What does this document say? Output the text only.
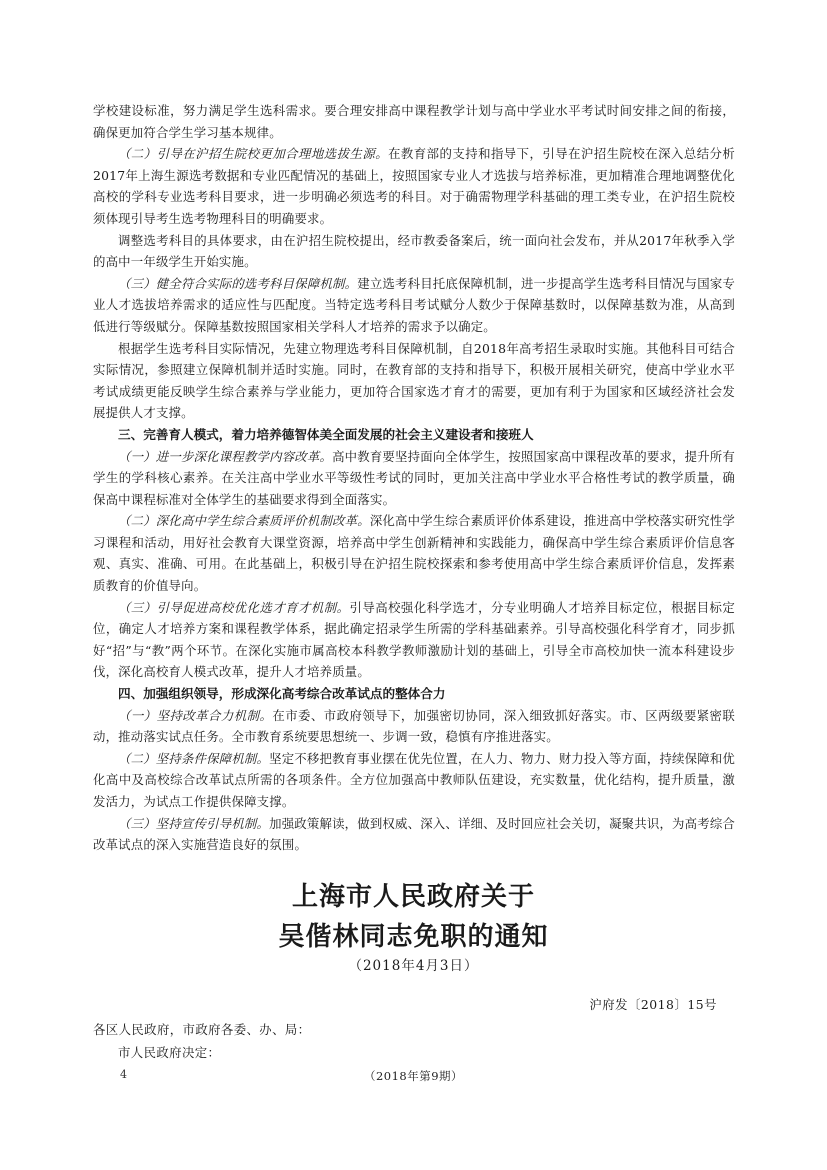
学校建设标准，努力满足学生选科需求。要合理安排高中课程教学计划与高中学业水平考试时间安排之间的衔接，确保更加符合学生学习基本规律。

（二）引导在沪招生院校更加合理地选拔生源。在教育部的支持和指导下，引导在沪招生院校在深入总结分析2017年上海生源选考数据和专业匹配情况的基础上，按照国家专业人才选拔与培养标准，更加精准合理地调整优化高校的学科专业选考科目要求，进一步明确必须选考的科目。对于确需物理学科基础的理工类专业，在沪招生院校须体现引导考生选考物理科目的明确要求。

调整选考科目的具体要求，由在沪招生院校提出，经市教委备案后，统一面向社会发布，并从2017年秋季入学的高中一年级学生开始实施。

（三）健全符合实际的选考科目保障机制。建立选考科目托底保障机制，进一步提高学生选考科目情况与国家专业人才选拔培养需求的适应性与匹配度。当特定选考科目考试赋分人数少于保障基数时，以保障基数为准，从高到低进行等级赋分。保障基数按照国家相关学科人才培养的需求予以确定。

根据学生选考科目实际情况，先建立物理选考科目保障机制，自2018年高考招生录取时实施。其他科目可结合实际情况，参照建立保障机制并适时实施。同时，在教育部的支持和指导下，积极开展相关研究，使高中学业水平考试成绩更能反映学生综合素养与学业能力，更加符合国家选才育才的需要，更加有利于为国家和区域经济社会发展提供人才支撑。

三、完善育人模式，着力培养德智体美全面发展的社会主义建设者和接班人

（一）进一步深化课程教学内容改革。高中教育要坚持面向全体学生，按照国家高中课程改革的要求，提升所有学生的学科核心素养。在关注高中学业水平等级性考试的同时，更加关注高中学业水平合格性考试的教学质量，确保高中课程标准对全体学生的基础要求得到全面落实。

（二）深化高中学生综合素质评价机制改革。深化高中学生综合素质评价体系建设，推进高中学校落实研究性学习课程和活动，用好社会教育大课堂资源，培养高中学生创新精神和实践能力，确保高中学生综合素质评价信息客观、真实、准确、可用。在此基础上，积极引导在沪招生院校探索和参考使用高中学生综合素质评价信息，发挥素质教育的价值导向。

（三）引导促进高校优化选才育才机制。引导高校强化科学选才，分专业明确人才培养目标定位，根据目标定位，确定人才培养方案和课程教学体系，据此确定招录学生所需的学科基础素养。引导高校强化科学育才，同步抓好“招”与“教”两个环节。在深化实施市属高校本科教学教师激励计划的基础上，引导全市高校加快一流本科建设步伐，深化高校育人模式改革，提升人才培养质量。

四、加强组织领导，形成深化高考综合改革试点的整体合力

（一）坚持改革合力机制。在市委、市政府领导下，加强密切协同，深入细致抓好落实。市、区两级要紧密联动，推动落实试点任务。全市教育系统要思想统一、步调一致，稳慎有序推进落实。

（二）坚持条件保障机制。坚定不移把教育事业摆在优先位置，在人力、物力、财力投入等方面，持续保障和优化高中及高校综合改革试点所需的各项条件。全方位加强高中教师队伍建设，充实数量，优化结构，提升质量，激发活力，为试点工作提供保障支撑。

（三）坚持宣传引导机制。加强政策解读，做到权威、深入、详细、及时回应社会关切，凝聚共识，为高考综合改革试点的深入实施营造良好的氛围。

上海市人民政府关于
吴偕林同志免职的通知
（2018年4月3日）
沪府发〔2018〕15号
各区人民政府，市政府各委、办、局：
市人民政府决定：
4	（2018年第9期）
